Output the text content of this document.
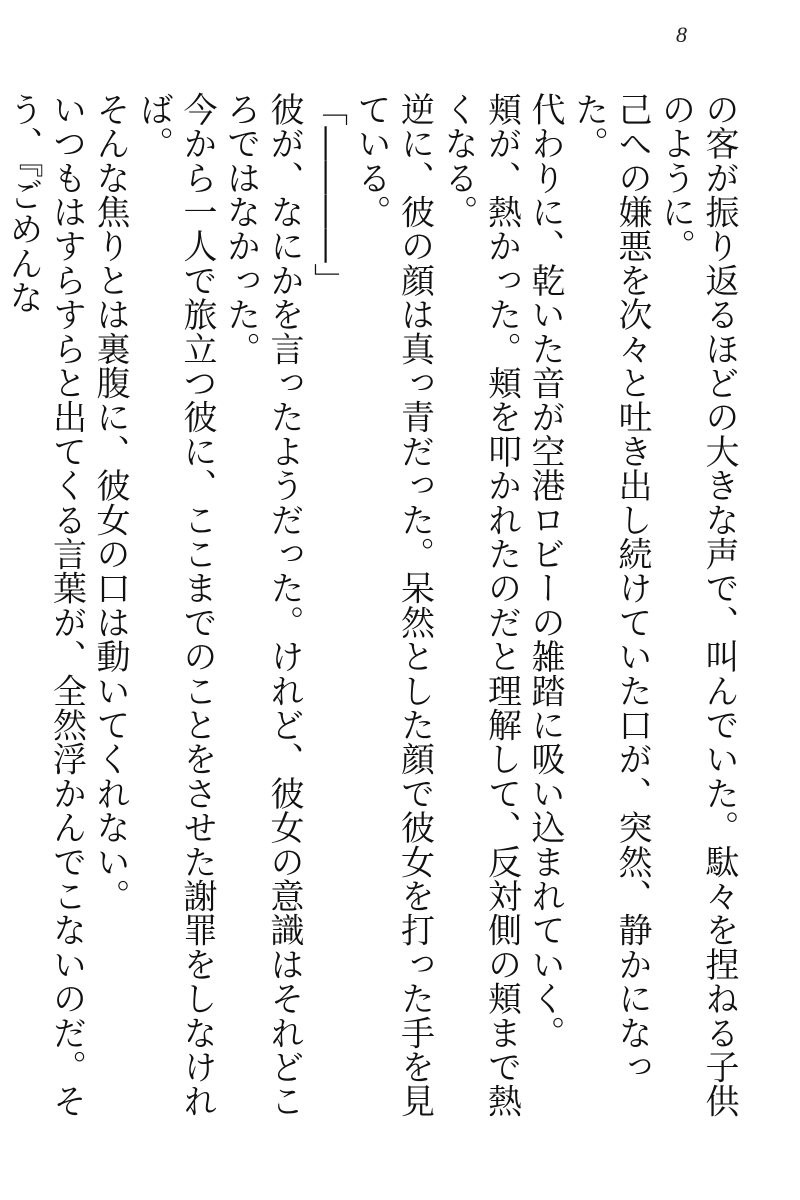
8
の客が振り返るほどの大きな声で、叫んでいた。駄々を捏ねる子供のように。
己への嫌悪を次々と吐き出し続けていた口が、突然、静かになった。
代わりに、乾いた音が空港ロビーの雑踏に吸い込まれていく。
頬が、熱かった。頬を叩かれたのだと理解して、反対側の頬まで熱くなる。
逆に、彼の顔は真っ青だった。呆然とした顔で彼女を打った手を見ている。
「――――」
彼が、なにかを言ったようだった。けれど、彼女の意識はそれどころではなかった。
今から一人で旅立つ彼に、ここまでのことをさせた謝罪をしなければ。
そんな焦りとは裏腹に、彼女の口は動いてくれない。
いつもはすらすらと出てくる言葉が、全然浮かんでこないのだ。そう、『ごめんな
